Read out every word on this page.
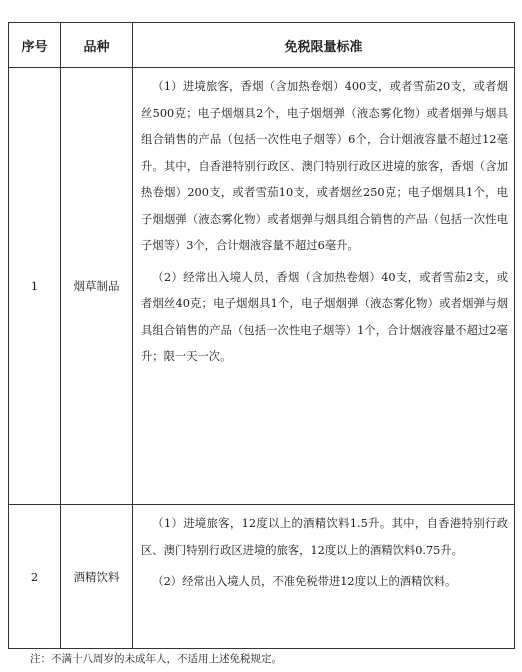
序号	品种	免税限量标准
1	烟草制品	（1）进境旅客，香烟（含加热卷烟）400支，或者雪茄20支，或者烟丝500克；电子烟烟具2个，电子烟烟弹（液态雾化物）或者烟弹与烟具组合销售的产品（包括一次性电子烟等）6个，合计烟液容量不超过12毫升。其中，自香港特别行政区、澳门特别行政区进境的旅客，香烟（含加热卷烟）200支，或者雪茄10支，或者烟丝250克；电子烟烟具1个，电子烟烟弹（液态雾化物）或者烟弹与烟具组合销售的产品（包括一次性电子烟等）3个，合计烟液容量不超过6毫升。

（2）经常出入境人员，香烟（含加热卷烟）40支，或者雪茄2支，或者烟丝40克；电子烟烟具1个，电子烟烟弹（液态雾化物）或者烟弹与烟具组合销售的产品（包括一次性电子烟等）1个，合计烟液容量不超过2毫升；限一天一次。

2	酒精饮料	（1）进境旅客，12度以上的酒精饮料1.5升。其中，自香港特别行政区、澳门特别行政区进境的旅客，12度以上的酒精饮料0.75升。

（2）经常出入境人员，不准免税带进12度以上的酒精饮料。

注：不满十八周岁的未成年人，不适用上述免税规定。
